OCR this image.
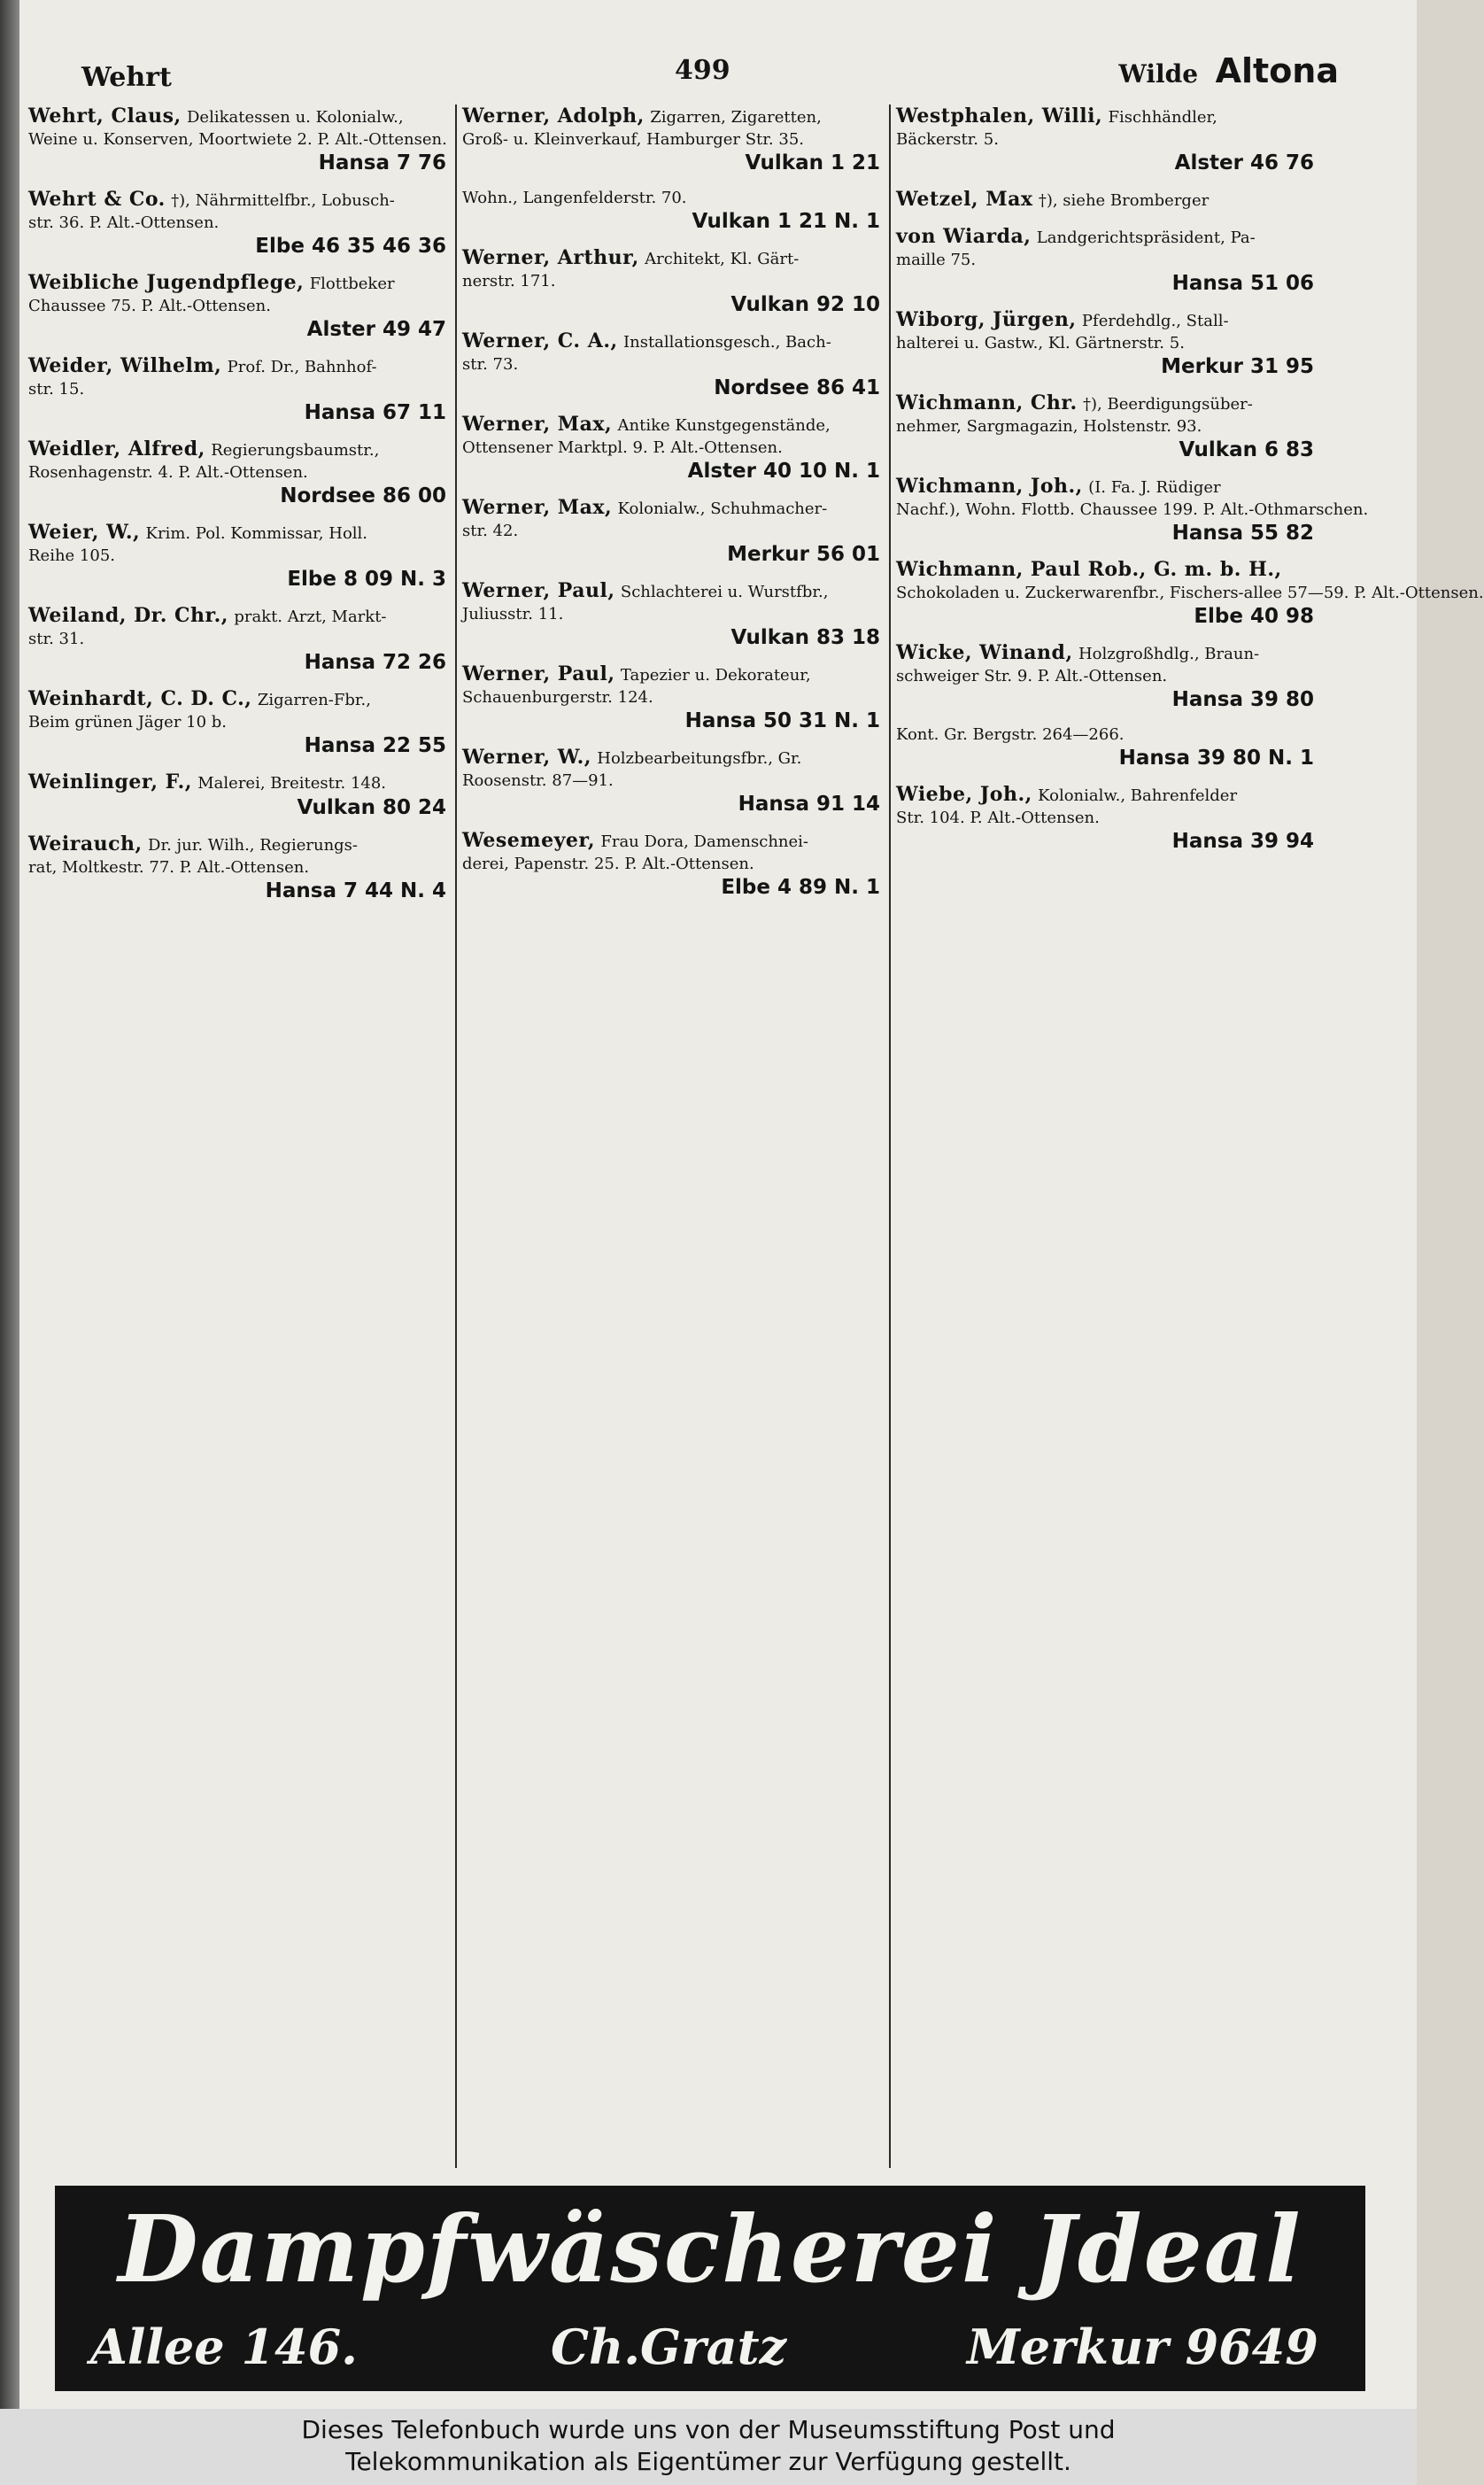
Wehrt	499	Wilde Altona
Wehrt, Claus, Delikatessen u. Kolonialw.,
Weine u. Konserven, Moortwiete 2. P. Alt.-Ottensen.
Hansa 7 76
Wehrt & Co. †), Nährmittelfbr., Lobusch-
str. 36. P. Alt.-Ottensen.
Elbe 46 35 46 36
Weibliche Jugendpflege, Flottbeker
Chaussee 75. P. Alt.-Ottensen.
Alster 49 47
Weider, Wilhelm, Prof. Dr., Bahnhof-
str. 15.
Hansa 67 11
Weidler, Alfred, Regierungsbaumstr.,
Rosenhagenstr. 4. P. Alt.-Ottensen.
Nordsee 86 00
Weier, W., Krim. Pol. Kommissar, Holl.
Reihe 105.
Elbe 8 09 N. 3
Weiland, Dr. Chr., prakt. Arzt, Markt-
str. 31.
Hansa 72 26
Weinhardt, C. D. C., Zigarren-Fbr.,
Beim grünen Jäger 10 b.
Hansa 22 55
Weinlinger, F., Malerei, Breitestr. 148.
Vulkan 80 24
Weirauch, Dr. jur. Wilh., Regierungs-
rat, Moltkestr. 77. P. Alt.-Ottensen.
Hansa 7 44 N. 4
Werner, Adolph, Zigarren, Zigaretten,
Groß- u. Kleinverkauf, Hamburger Str. 35.
Vulkan 1 21
Wohn., Langenfelderstr. 70.
Vulkan 1 21 N. 1
Werner, Arthur, Architekt, Kl. Gärt-
nerstr. 171.
Vulkan 92 10
Werner, C. A., Installationsgesch., Bach-
str. 73.
Nordsee 86 41
Werner, Max, Antike Kunstgegenstände,
Ottensener Marktpl. 9. P. Alt.-Ottensen.
Alster 40 10 N. 1
Werner, Max, Kolonialw., Schuhmacher-
str. 42.
Merkur 56 01
Werner, Paul, Schlachterei u. Wurstfbr.,
Juliusstr. 11.
Vulkan 83 18
Werner, Paul, Tapezier u. Dekorateur,
Schauenburgerstr. 124.
Hansa 50 31 N. 1
Werner, W., Holzbearbeitungsfbr., Gr.
Roosenstr. 87—91.
Hansa 91 14
Wesemeyer, Frau Dora, Damenschnei-
derei, Papenstr. 25. P. Alt.-Ottensen.
Elbe 4 89 N. 1
Westphalen, Willi, Fischhändler,
Bäckerstr. 5.
Alster 46 76
Wetzel, Max †), siehe Bromberger
von Wiarda, Landgerichtspräsident, Pa-
maille 75.
Hansa 51 06
Wiborg, Jürgen, Pferdehdlg., Stall-
halterei u. Gastw., Kl. Gärtnerstr. 5.
Merkur 31 95
Wichmann, Chr. †), Beerdigungsüber-
nehmer, Sargmagazin, Holstenstr. 93.
Vulkan 6 83
Wichmann, Joh., (I. Fa. J. Rüdiger
Nachf.), Wohn. Flottb. Chaussee 199. P. Alt.-Othmarschen.
Hansa 55 82
Wichmann, Paul Rob., G. m. b. H.,
Schokoladen u. Zuckerwarenfbr., Fischers-allee 57—59. P. Alt.-Ottensen.
Elbe 40 98
Wicke, Winand, Holzgroßhdlg., Braun-
schweiger Str. 9. P. Alt.-Ottensen.
Hansa 39 80
Kont. Gr. Bergstr. 264—266.
Hansa 39 80 N. 1
Wiebe, Joh., Kolonialw., Bahrenfelder
Str. 104. P. Alt.-Ottensen.
Hansa 39 94
Dampfwäscherei Jdeal
Allee 146.	Ch.Gratz	Merkur 9649
Dieses Telefonbuch wurde uns von der Museumsstiftung Post und
Telekommunikation als Eigentümer zur Verfügung gestellt.
